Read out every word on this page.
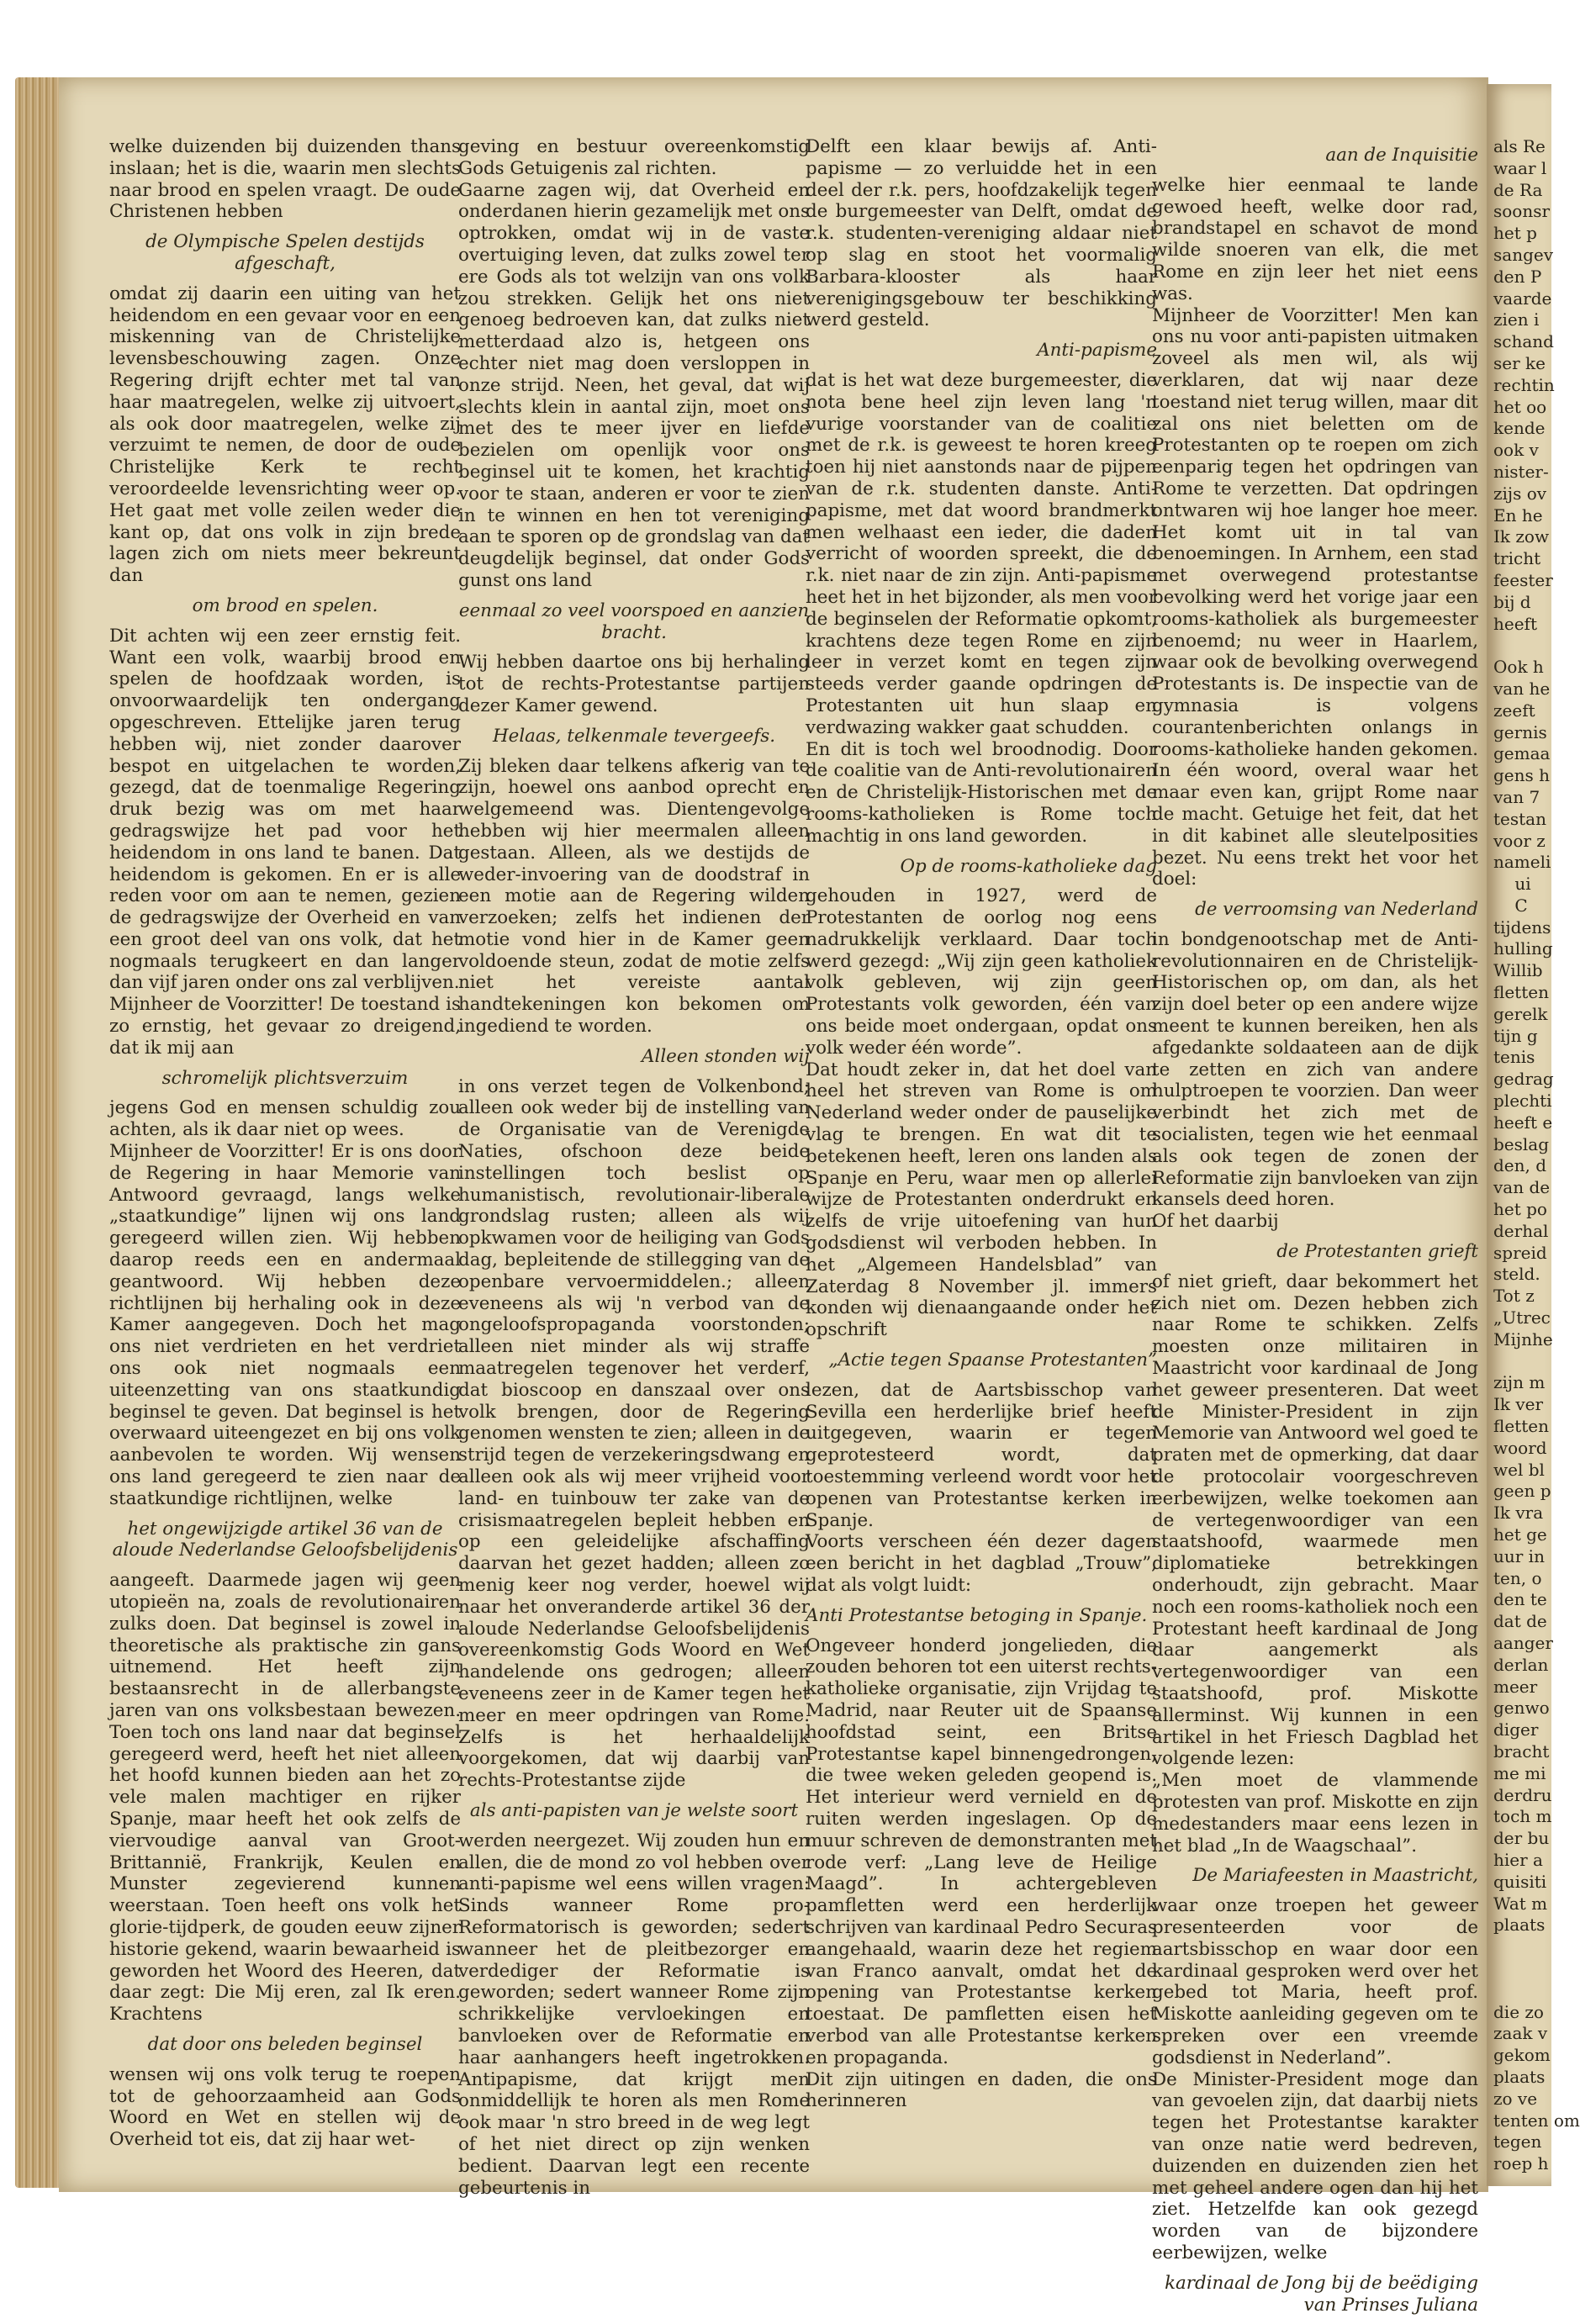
welke duizenden bij duizenden thans inslaan; het is die, waarin men slechts naar brood en spelen vraagt. De oude Christenen hebben

de Olympische Spelen destijds afgeschaft,

omdat zij daarin een uiting van het heidendom en een gevaar voor en een miskenning van de Christelijke levensbeschouwing zagen. Onze Regering drijft echter met tal van haar maatregelen, welke zij uitvoert, als ook door maatregelen, welke zij verzuimt te nemen, de door de oude Christelijke Kerk te recht veroordeelde levensrichting weer op. Het gaat met volle zeilen weder die kant op, dat ons volk in zijn brede lagen zich om niets meer bekreunt dan

om brood en spelen.

Dit achten wij een zeer ernstig feit. Want een volk, waarbij brood en spelen de hoofdzaak worden, is onvoorwaardelijk ten ondergang opgeschreven. Ettelijke jaren terug hebben wij, niet zonder daarover bespot en uitgelachen te worden, gezegd, dat de toenmalige Regering druk bezig was om met haar gedragswijze het pad voor het heidendom in ons land te banen. Dat heidendom is gekomen. En er is alle reden voor om aan te nemen, gezien de gedragswijze der Overheid en van een groot deel van ons volk, dat het nogmaals terugkeert en dan langer dan vijf jaren onder ons zal verblijven.

Mijnheer de Voorzitter! De toestand is zo ernstig, het gevaar zo dreigend, dat ik mij aan

schromelijk plichtsverzuim

jegens God en mensen schuldig zou achten, als ik daar niet op wees.

Mijnheer de Voorzitter! Er is ons door de Regering in haar Memorie van Antwoord gevraagd, langs welke „staatkundige” lijnen wij ons land geregeerd willen zien. Wij hebben daarop reeds een en andermaal geantwoord. Wij hebben deze richtlijnen bij herhaling ook in deze Kamer aangegeven. Doch het mag ons niet verdrieten en het verdriet ons ook niet nogmaals een uiteenzetting van ons staatkundig beginsel te geven. Dat beginsel is het overwaard uiteengezet en bij ons volk aanbevolen te worden. Wij wensen ons land geregeerd te zien naar de staatkundige richtlijnen, welke

het ongewijzigde artikel 36 van de aloude Nederlandse Geloofsbelijdenis

aangeeft. Daarmede jagen wij geen utopieën na, zoals de revolutionairen zulks doen. Dat beginsel is zowel in theoretische als praktische zin gans uitnemend. Het heeft zijn bestaansrecht in de allerbangste jaren van ons volksbestaan bewezen. Toen toch ons land naar dat beginsel geregeerd werd, heeft het niet alleen het hoofd kunnen bieden aan het zo vele malen machtiger en rijker Spanje, maar heeft het ook zelfs de viervoudige aanval van Groot-Brittannië, Frankrijk, Keulen en Munster zegevierend kunnen weerstaan. Toen heeft ons volk het glorie-tijdperk, de gouden eeuw zijner historie gekend, waarin bewaarheid is geworden het Woord des Heeren, dat daar zegt: Die Mij eren, zal Ik eren. Krachtens

dat door ons beleden beginsel

wensen wij ons volk terug te roepen tot de gehoorzaamheid aan Gods Woord en Wet en stellen wij de Overheid tot eis, dat zij haar wet-

geving en bestuur overeenkomstig Gods Getuigenis zal richten.

Gaarne zagen wij, dat Overheid en onderdanen hierin gezamelijk met ons optrokken, omdat wij in de vaste overtuiging leven, dat zulks zowel ter ere Gods als tot welzijn van ons volk zou strekken. Gelijk het ons niet genoeg bedroeven kan, dat zulks niet metterdaad alzo is, hetgeen ons echter niet mag doen versloppen in onze strijd. Neen, het geval, dat wij slechts klein in aantal zijn, moet ons met des te meer ijver en liefde bezielen om openlijk voor ons beginsel uit te komen, het krachtig voor te staan, anderen er voor te zien in te winnen en hen tot vereniging aan te sporen op de grondslag van dat deugdelijk beginsel, dat onder Gods gunst ons land

eenmaal zo veel voorspoed en aanzien bracht.

Wij hebben daartoe ons bij herhaling tot de rechts-Protestantse partijen dezer Kamer gewend.

Helaas, telkenmale tevergeefs.

Zij bleken daar telkens afkerig van te zijn, hoewel ons aanbod oprecht en welgemeend was. Dientengevolge hebben wij hier meermalen alleen gestaan. Alleen, als we destijds de weder-invoering van de doodstraf in een motie aan de Regering wilden verzoeken; zelfs het indienen der motie vond hier in de Kamer geen voldoende steun, zodat de motie zelfs niet het vereiste aantal handtekeningen kon bekomen om ingediend te worden.

Alleen stonden wij

in ons verzet tegen de Volkenbond; alleen ook weder bij de instelling van de Organisatie van de Verenigde Naties, ofschoon deze beide instellingen toch beslist op humanistisch, revolutionair-liberale grondslag rusten; alleen als wij opkwamen voor de heiliging van Gods dag, bepleitende de stillegging van de openbare vervoermiddelen.; alleen eveneens als wij 'n verbod van de ongeloofspropaganda voorstonden; alleen niet minder als wij straffe maatregelen tegenover het verderf, dat bioscoop en danszaal over ons volk brengen, door de Regering genomen wensten te zien; alleen in de strijd tegen de verzekeringsdwang en alleen ook als wij meer vrijheid voor land- en tuinbouw ter zake van de crisismaatregelen bepleit hebben en op een geleidelijke afschaffing daarvan het gezet hadden; alleen zo menig keer nog verder, hoewel wij naar het onveranderde artikel 36 der aloude Nederlandse Geloofsbelijdenis overeenkomstig Gods Woord en Wet handelende ons gedrogen; alleen eveneens zeer in de Kamer tegen het meer en meer opdringen van Rome. Zelfs is het herhaaldelijk voorgekomen, dat wij daarbij van rechts-Protestantse zijde

als anti-papisten van je welste soort

werden neergezet. Wij zouden hun en allen, die de mond zo vol hebben over anti-papisme wel eens willen vragen: Sinds wanneer Rome pro-Reformatorisch is geworden; sedert wanneer het de pleitbezorger en verdediger der Reformatie is geworden; sedert wanneer Rome zijn schrikkelijke vervloekingen en banvloeken over de Reformatie en haar aanhangers heeft ingetrokken. Antipapisme, dat krijgt men onmiddellijk te horen als men Rome ook maar 'n stro breed in de weg legt of het niet direct op zijn wenken bedient. Daarvan legt een recente gebeurtenis in

Delft een klaar bewijs af. Anti-papisme — zo verluidde het in een deel der r.k. pers, hoofdzakelijk tegen de burgemeester van Delft, omdat de r.k. studenten-vereniging aldaar niet op slag en stoot het voormalig Barbara-klooster als haar verenigingsgebouw ter beschikking werd gesteld.

Anti-papisme

dat is het wat deze burgemeester, die nota bene heel zijn leven lang 'n vurige voorstander van de coalitie met de r.k. is geweest te horen kreeg toen hij niet aanstonds naar de pijpen van de r.k. studenten danste. Anti-papisme, met dat woord brandmerkt men welhaast een ieder, die daden verricht of woorden spreekt, die de r.k. niet naar de zin zijn. Anti-papisme heet het in het bijzonder, als men voor de beginselen der Reformatie opkomt, krachtens deze tegen Rome en zijn leer in verzet komt en tegen zijn steeds verder gaande opdringen de Protestanten uit hun slaap en verdwazing wakker gaat schudden.

En dit is toch wel broodnodig. Door de coalitie van de Anti-revolutionairen en de Christelijk-Historischen met de rooms-katholieken is Rome toch machtig in ons land geworden.

Op de rooms-katholieke dag

gehouden in 1927, werd de Protestanten de oorlog nog eens nadrukkelijk verklaard. Daar toch werd gezegd: „Wij zijn geen katholiek volk gebleven, wij zijn geen Protestants volk geworden, één van ons beide moet ondergaan, opdat ons volk weder één worde”.

Dat houdt zeker in, dat het doel van heel het streven van Rome is om Nederland weder onder de pauselijke vlag te brengen. En wat dit te betekenen heeft, leren ons landen als Spanje en Peru, waar men op allerlei wijze de Protestanten onderdrukt en zelfs de vrije uitoefening van hun godsdienst wil verboden hebben. In het „Algemeen Handelsblad” van Zaterdag 8 November jl. immers konden wij dienaangaande onder het opschrift

„Actie tegen Spaanse Protestanten”

lezen, dat de Aartsbisschop van Sevilla een herderlijke brief heeft uitgegeven, waarin er tegen geprotesteerd wordt, dat toestemming verleend wordt voor het openen van Protestantse kerken in Spanje.

Voorts verscheen één dezer dagen een bericht in het dagblad „Trouw”, dat als volgt luidt:

Anti Protestantse betoging in Spanje.

Ongeveer honderd jongelieden, die zouden behoren tot een uiterst rechts-katholieke organisatie, zijn Vrijdag te Madrid, naar Reuter uit de Spaanse hoofdstad seint, een Britse Protestantse kapel binnengedrongen, die twee weken geleden geopend is. Het interieur werd vernield en de ruiten werden ingeslagen. Op de muur schreven de demonstranten met rode verf: „Lang leve de Heilige Maagd”. In achtergebleven pamfletten werd een herderlijk schrijven van kardinaal Pedro Securas aangehaald, waarin deze het regiem van Franco aanvalt, omdat het de opening van Protestantse kerken toestaat. De pamfletten eisen het verbod van alle Protestantse kerken en propaganda.

Dit zijn uitingen en daden, die ons herinneren

aan de Inquisitie

welke hier eenmaal te lande gewoed heeft, welke door rad, brandstapel en schavot de mond wilde snoeren van elk, die met Rome en zijn leer het niet eens was.

Mijnheer de Voorzitter! Men kan ons nu voor anti-papisten uitmaken zoveel als men wil, als wij verklaren, dat wij naar deze toestand niet terug willen, maar dit zal ons niet beletten om de Protestanten op te roepen om zich eenparig tegen het opdringen van Rome te verzetten. Dat opdringen ontwaren wij hoe langer hoe meer. Het komt uit in tal van benoemingen. In Arnhem, een stad met overwegend protestantse bevolking werd het vorige jaar een rooms-katholiek als burgemeester benoemd; nu weer in Haarlem, waar ook de bevolking overwegend Protestants is. De inspectie van de gymnasia is volgens courantenberichten onlangs in rooms-katholieke handen gekomen. In één woord, overal waar het maar even kan, grijpt Rome naar de macht. Getuige het feit, dat het in dit kabinet alle sleutelposities bezet. Nu eens trekt het voor het doel:

de verroomsing van Nederland

in bondgenootschap met de Anti-revolutionnairen en de Christelijk-Historischen op, om dan, als het zijn doel beter op een andere wijze meent te kunnen bereiken, hen als afgedankte soldaateen aan de dijk te zetten en zich van andere hulptroepen te voorzien. Dan weer verbindt het zich met de socialisten, tegen wie het eenmaal als ook tegen de zonen der Reformatie zijn banvloeken van zijn kansels deed horen.

Of het daarbij

de Protestanten grieft

of niet grieft, daar bekommert het zich niet om. Dezen hebben zich naar Rome te schikken. Zelfs moesten onze militairen in Maastricht voor kardinaal de Jong het geweer presenteren. Dat weet de Minister-President in zijn Memorie van Antwoord wel goed te praten met de opmerking, dat daar de protocolair voorgeschreven eerbewijzen, welke toekomen aan de vertegenwoordiger van een staatshoofd, waarmede men diplomatieke betrekkingen onderhoudt, zijn gebracht. Maar noch een rooms-katholiek noch een Protestant heeft kardinaal de Jong daar aangemerkt als vertegenwoordiger van een staatshoofd, prof. Miskotte allerminst. Wij kunnen in een artikel in het Friesch Dagblad het volgende lezen:

„Men moet de vlammende protesten van prof. Miskotte en zijn medestanders maar eens lezen in het blad „In de Waagschaal”.

De Mariafeesten in Maastricht,

waar onze troepen het geweer presenteerden voor de aartsbisschop en waar door een kardinaal gesproken werd over het gebed tot Maria, heeft prof. Miskotte aanleiding gegeven om te spreken over een vreemde godsdienst in Nederland”.

De Minister-President moge dan van gevoelen zijn, dat daarbij niets tegen het Protestantse karakter van onze natie werd bedreven, duizenden en duizenden zien het met geheel andere ogen dan hij het ziet. Hetzelfde kan ook gezegd worden van de bijzondere eerbewijzen, welke

kardinaal de Jong bij de beëdiging van Prinses Juliana

als Re
waar l
de Ra
soonsr
het p
sangev
den P
vaarde
zien i
schand
ser ke
rechtin
het oo
kende
ook v
nister-
zijs ov
En he
Ik zow
tricht
feester
bij d
heeft

Ook h
van he
zeeft
gernis
gemaa
gens h
van 7
testan
voor z
nameli
ui
C
tijdens
hulling
Willib
fletten
gerelk
tijn g
tenis
gedrag
plechti
heeft e
beslag
den, d
van de
het po
derhal
spreid
steld.
Tot z
„Utrec
Mijnhe

zijn m
Ik ver
fletten
woord
wel bl
geen p
Ik vra
het ge
uur in
ten, o
den te
dat de
aanger
derlan
meer
genwo
diger
bracht
me mi
derdru
toch m
der bu
hier a
quisiti
Wat m
plaats

die zo
zaak v
gekom
plaats
zo ve
tenten om
tegen
roep h
